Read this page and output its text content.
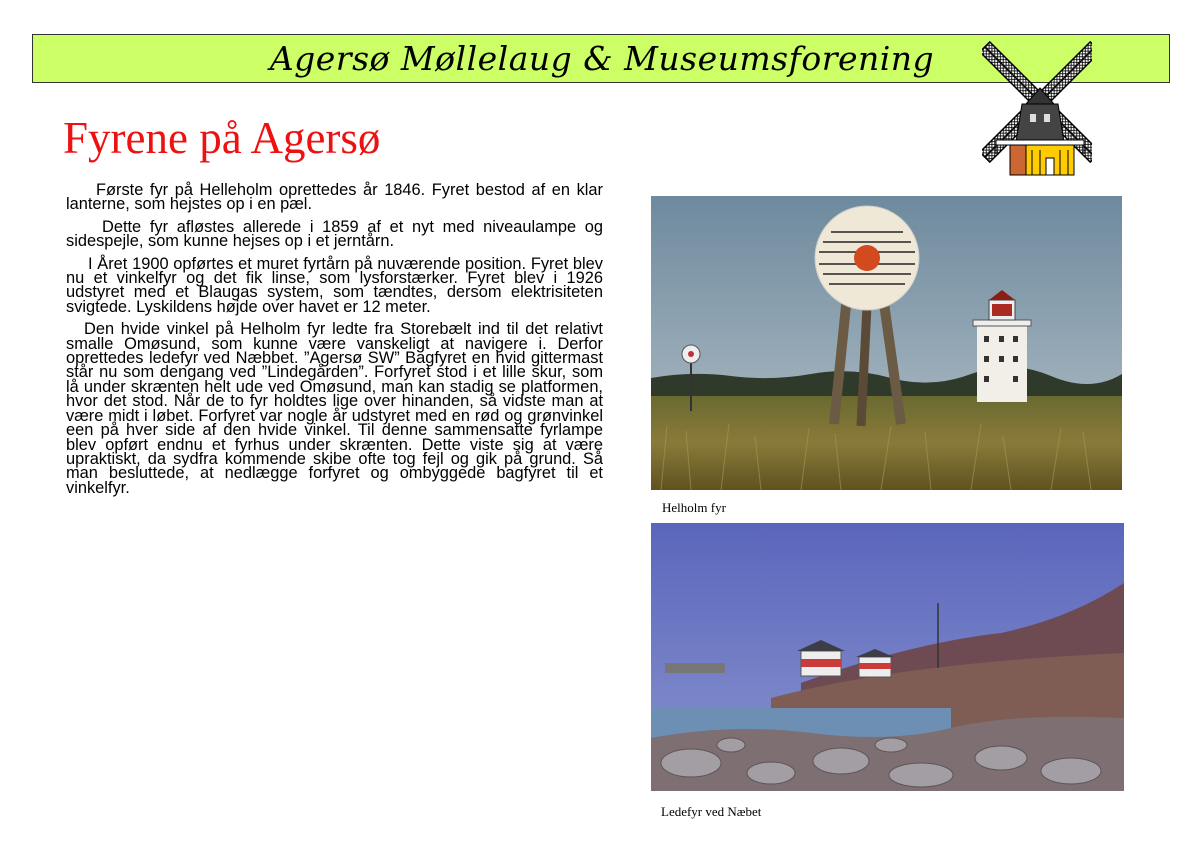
Agersø Møllelaug & Museumsforening
Fyrene på Agersø

Første fyr på Helleholm oprettedes år 1846. Fyret bestod af en klar lanterne, som hejstes op i en pæl.

Dette fyr afløstes allerede i 1859 af et nyt med niveaulampe og sidespejle, som kunne hejses op i et jerntårn.

I Året 1900 opførtes et muret fyrtårn på nuværende position. Fyret blev nu et vinkelfyr og det fik linse, som lysforstærker. Fyret blev i 1926 udstyret med et Blaugas system, som tændtes, dersom elektrisiteten svigtede. Lyskildens højde over havet er 12 meter.

Den hvide vinkel på Helholm fyr ledte fra Storebælt ind til det relativt smalle Omøsund, som kunne være vanskeligt at navigere i. Derfor oprettedes ledefyr ved Næbbet. ”Agersø SW” Bagfyret en hvid gittermast står nu som dengang ved ”Lindegården”. Forfyret stod i et lille skur, som lå under skrænten helt ude ved Omøsund, man kan stadig se platformen, hvor det stod. Når de to fyr holdtes lige over hinanden, så vidste man at være midt i løbet. Forfyret var nogle år udstyret med en rød og grønvinkel een på hver side af den hvide vinkel. Til denne sammensatte fyrlampe blev opført endnu et fyrhus under skrænten. Dette viste sig at være upraktiskt, da sydfra kommende skibe ofte tog fejl og gik på grund. Så man besluttede, at nedlægge forfyret og ombyggede bagfyret til et vinkelfyr.

Helholm fyr
Ledefyr ved Næbet
